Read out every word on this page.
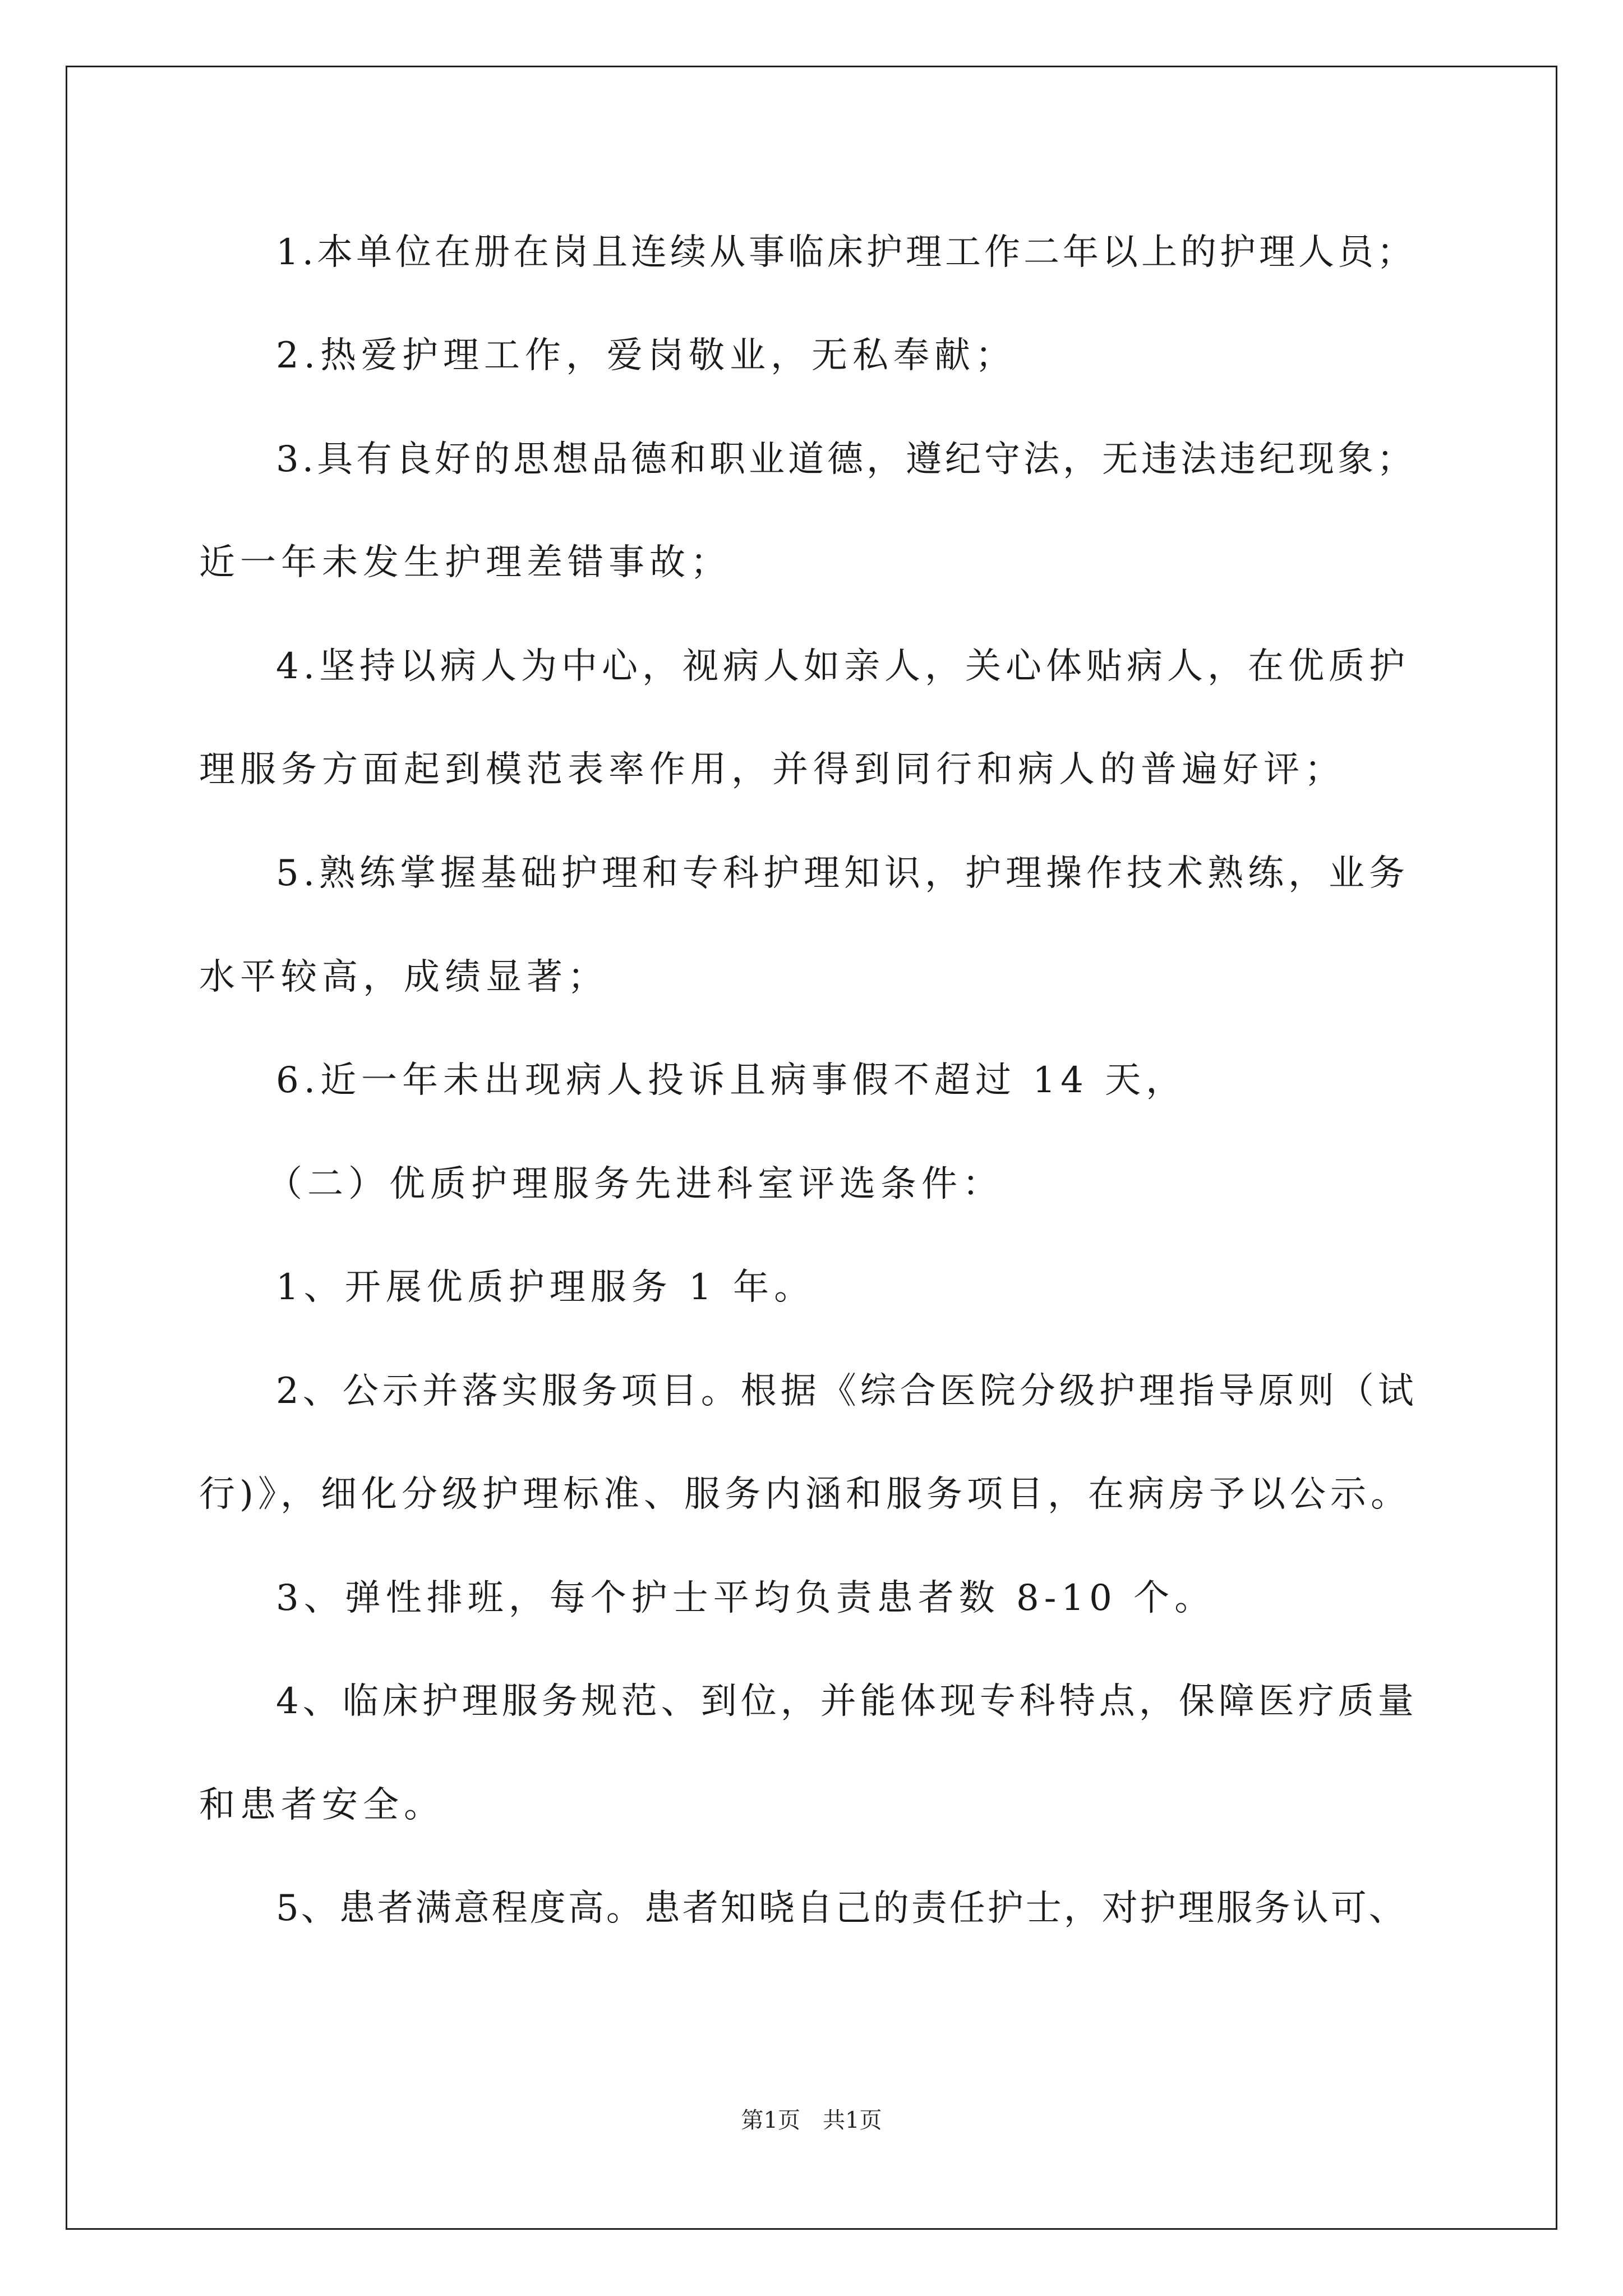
1.本单位在册在岗且连续从事临床护理工作二年以上的护理人员；
2.热爱护理工作，爱岗敬业，无私奉献；
3.具有良好的思想品德和职业道德，遵纪守法，无违法违纪现象；
近一年未发生护理差错事故；
4.坚持以病人为中心，视病人如亲人，关心体贴病人，在优质护
理服务方面起到模范表率作用，并得到同行和病人的普遍好评；
5.熟练掌握基础护理和专科护理知识，护理操作技术熟练，业务
水平较高，成绩显著；
6.近一年未出现病人投诉且病事假不超过 14 天，
（二）优质护理服务先进科室评选条件：
1、开展优质护理服务 1 年。
2、公示并落实服务项目。根据《综合医院分级护理指导原则（试
行)》，细化分级护理标准、服务内涵和服务项目，在病房予以公示。
3、弹性排班，每个护士平均负责患者数 8-10 个。
4、临床护理服务规范、到位，并能体现专科特点，保障医疗质量
和患者安全。
5、患者满意程度高。患者知晓自己的责任护士，对护理服务认可、
第1页　共1页
